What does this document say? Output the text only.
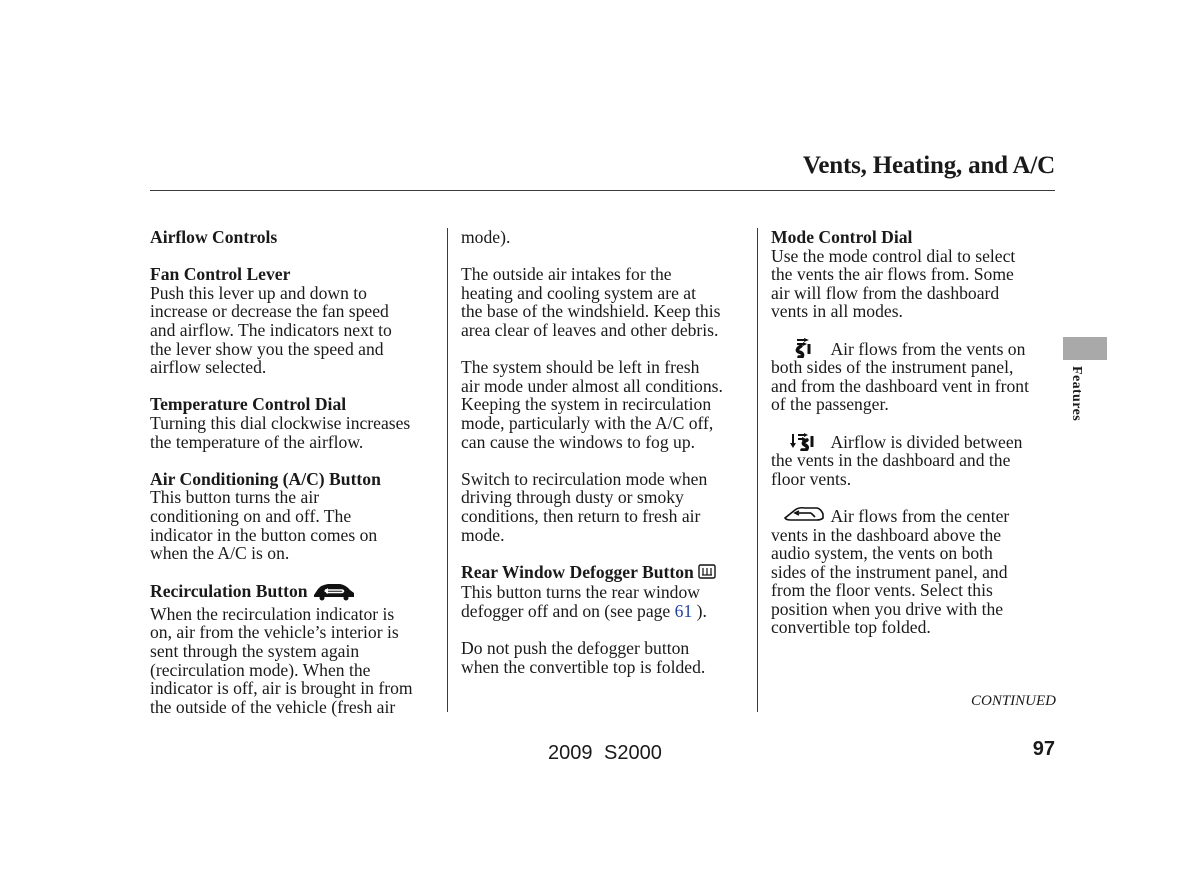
Vents, Heating, and A/C
Airflow Controls
Fan Control Lever
Push this lever up and down to
increase or decrease the fan speed
and airflow. The indicators next to
the lever show you the speed and
airflow selected.
Temperature Control Dial
Turning this dial clockwise increases
the temperature of the airflow.
Air Conditioning (A/C) Button
This button turns the air
conditioning on and off. The
indicator in the button comes on
when the A/C is on.
Recirculation Button
When the recirculation indicator is
on, air from the vehicle’s interior is
sent through the system again
(recirculation mode). When the
indicator is off, air is brought in from
the outside of the vehicle (fresh air
mode).
The outside air intakes for the
heating and cooling system are at
the base of the windshield. Keep this
area clear of leaves and other debris.
The system should be left in fresh
air mode under almost all conditions.
Keeping the system in recirculation
mode, particularly with the A/C off,
can cause the windows to fog up.
Switch to recirculation mode when
driving through dusty or smoky
conditions, then return to fresh air
mode.
Rear Window Defogger Button
This button turns the rear window
defogger off and on (see page 61 ).
Do not push the defogger button
when the convertible top is folded.
Mode Control Dial
Use the mode control dial to select
the vents the air flows from. Some
air will flow from the dashboard
vents in all modes.
Air flows from the vents on
both sides of the instrument panel,
and from the dashboard vent in front
of the passenger.
Airflow is divided between
the vents in the dashboard and the
floor vents.
Air flows from the center
vents in the dashboard above the
audio system, the vents on both
sides of the instrument panel, and
from the floor vents. Select this
position when you drive with the
convertible top folded.
Features
CONTINUED
2009 S2000	97
